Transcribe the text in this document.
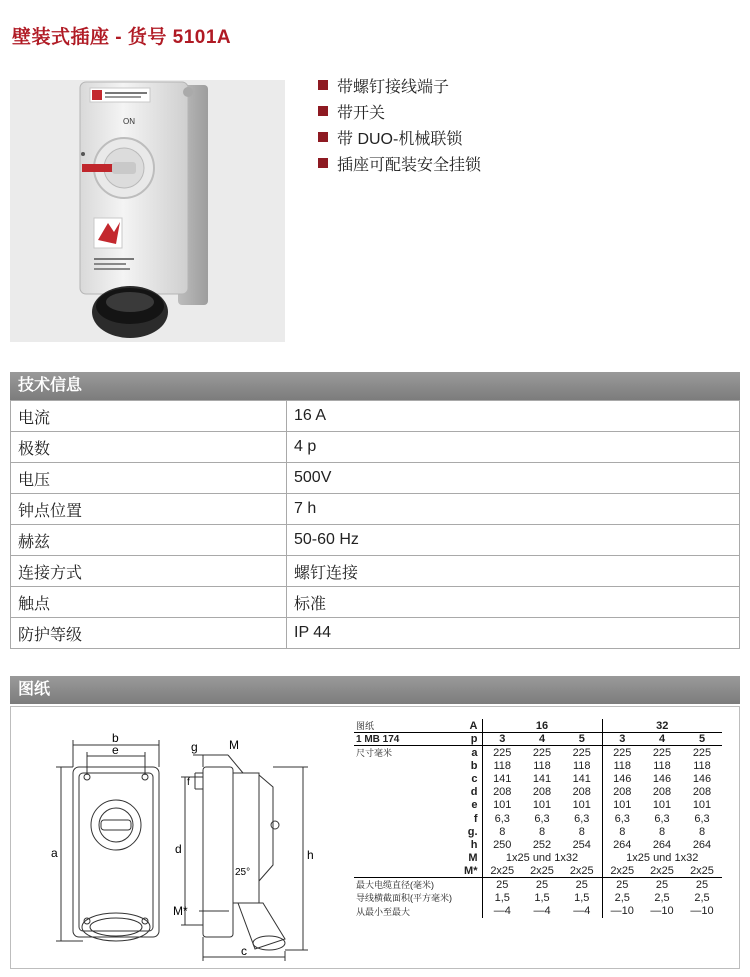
壁装式插座 - 货号 5101A
ON
带螺钉接线端子
带开关
带 DUO-机械联锁
插座可配装安全挂锁
技术信息
电流	16 A
极数	4 p
电压	500V
钟点位置	7 h
赫兹	50-60 Hz
连接方式	螺钉连接
触点	标准
防护等级	IP 44
图纸
b
e
a
g	M
f
d	h
25°
M*
c
图纸	A	16			32		
1 MB 174	p	3	4	5	3	4	5
尺寸毫米	a	225	225	225	225	225	225
	b	118	118	118	118	118	118
	c	141	141	141	146	146	146
	d	208	208	208	208	208	208
	e	101	101	101	101	101	101
	f	6,3	6,3	6,3	6,3	6,3	6,3
	g.	8	8	8	8	8	8
	h	250	252	254	264	264	264
	M	1x25 und 1x32			1x25 und 1x32		
	M*	2x25	2x25	2x25	2x25	2x25	2x25
最大电缆直径(毫米)		25	25	25	25	25	25
导线横截面积(平方毫米)		1,5	1,5	1,5	2,5	2,5	2,5
从最小至最大		—4	—4	—4	—10	—10	—10
